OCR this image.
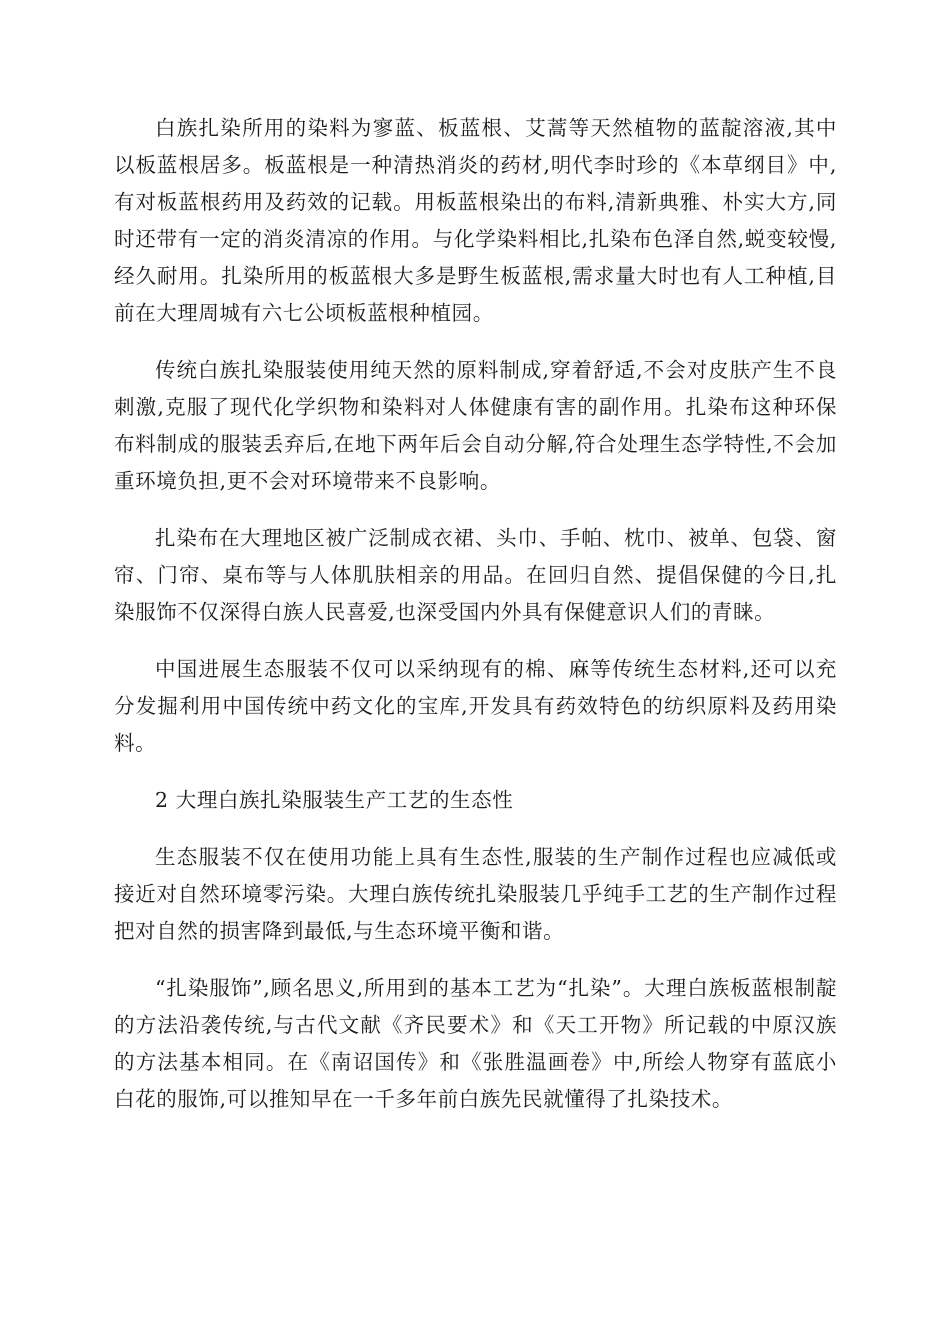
白族扎染所用的染料为寥蓝、板蓝根、艾蒿等天然植物的蓝靛溶液,其中以板蓝根居多。板蓝根是一种清热消炎的药材,明代李时珍的《本草纲目》中,有对板蓝根药用及药效的记载。用板蓝根染出的布料,清新典雅、朴实大方,同时还带有一定的消炎清凉的作用。与化学染料相比,扎染布色泽自然,蜕变较慢,经久耐用。扎染所用的板蓝根大多是野生板蓝根,需求量大时也有人工种植,目前在大理周城有六七公顷板蓝根种植园。

传统白族扎染服装使用纯天然的原料制成,穿着舒适,不会对皮肤产生不良刺激,克服了现代化学织物和染料对人体健康有害的副作用。扎染布这种环保布料制成的服装丢弃后,在地下两年后会自动分解,符合处理生态学特性,不会加重环境负担,更不会对环境带来不良影响。

扎染布在大理地区被广泛制成衣裙、头巾、手帕、枕巾、被单、包袋、窗帘、门帘、桌布等与人体肌肤相亲的用品。在回归自然、提倡保健的今日,扎染服饰不仅深得白族人民喜爱,也深受国内外具有保健意识人们的青睐。

中国进展生态服装不仅可以采纳现有的棉、麻等传统生态材料,还可以充分发掘利用中国传统中药文化的宝库,开发具有药效特色的纺织原料及药用染料。

2 大理白族扎染服装生产工艺的生态性

生态服装不仅在使用功能上具有生态性,服装的生产制作过程也应减低或接近对自然环境零污染。大理白族传统扎染服装几乎纯手工艺的生产制作过程把对自然的损害降到最低,与生态环境平衡和谐。

“扎染服饰”,顾名思义,所用到的基本工艺为“扎染”。大理白族板蓝根制靛的方法沿袭传统,与古代文献《齐民要术》和《天工开物》所记载的中原汉族的方法基本相同。在《南诏国传》和《张胜温画卷》中,所绘人物穿有蓝底小白花的服饰,可以推知早在一千多年前白族先民就懂得了扎染技术。
